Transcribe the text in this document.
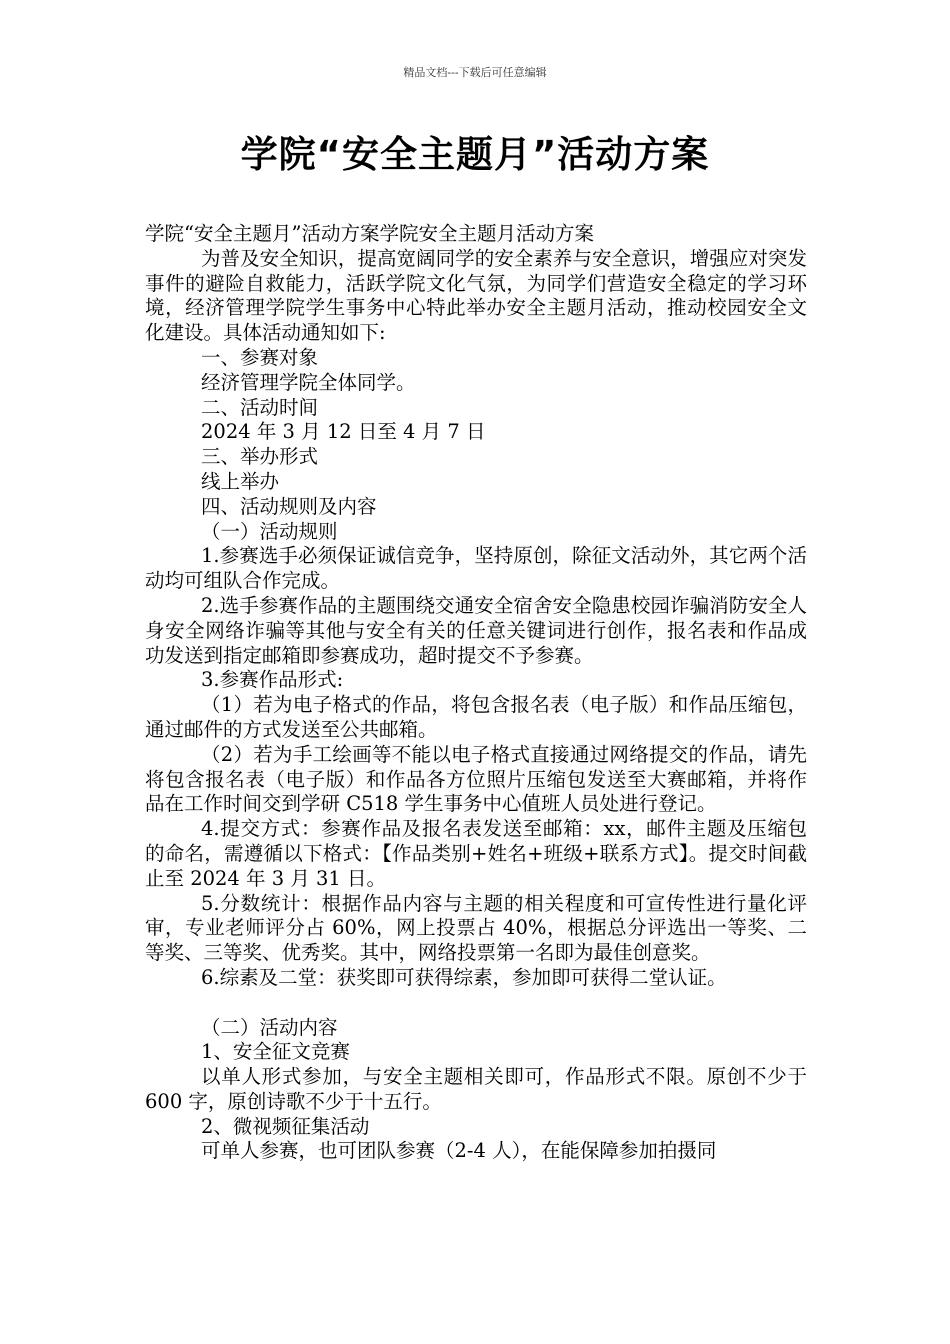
精品文档---下载后可任意编辑
学院“安全主题月”活动方案

学院“安全主题月”活动方案学院安全主题月活动方案

为普及安全知识，提高宽阔同学的安全素养与安全意识，增强应对突发事件的避险自救能力，活跃学院文化气氛，为同学们营造安全稳定的学习环境，经济管理学院学生事务中心特此举办安全主题月活动，推动校园安全文化建设。具体活动通知如下:

一、参赛对象

经济管理学院全体同学。

二、活动时间

2024 年 3 月 12 日至 4 月 7 日

三、举办形式

线上举办

四、活动规则及内容

（一）活动规则

1.参赛选手必须保证诚信竞争，坚持原创，除征文活动外，其它两个活动均可组队合作完成。

2.选手参赛作品的主题围绕交通安全宿舍安全隐患校园诈骗消防安全人身安全网络诈骗等其他与安全有关的任意关键词进行创作，报名表和作品成功发送到指定邮箱即参赛成功，超时提交不予参赛。

3.参赛作品形式:

（1）若为电子格式的作品，将包含报名表（电子版）和作品压缩包，通过邮件的方式发送至公共邮箱。

（2）若为手工绘画等不能以电子格式直接通过网络提交的作品，请先将包含报名表（电子版）和作品各方位照片压缩包发送至大赛邮箱，并将作品在工作时间交到学研 C518 学生事务中心值班人员处进行登记。

4.提交方式：参赛作品及报名表发送至邮箱：xx，邮件主题及压缩包的命名，需遵循以下格式：【作品类别+姓名+班级+联系方式】。提交时间截止至 2024 年 3 月 31 日。

5.分数统计：根据作品内容与主题的相关程度和可宣传性进行量化评审，专业老师评分占 60%，网上投票占 40%，根据总分评选出一等奖、二等奖、三等奖、优秀奖。其中，网络投票第一名即为最佳创意奖。

6.综素及二堂：获奖即可获得综素，参加即可获得二堂认证。

（二）活动内容

1、安全征文竞赛

以单人形式参加，与安全主题相关即可，作品形式不限。原创不少于 600 字，原创诗歌不少于十五行。

2、微视频征集活动

可单人参赛，也可团队参赛（2-4 人），在能保障参加拍摄同
